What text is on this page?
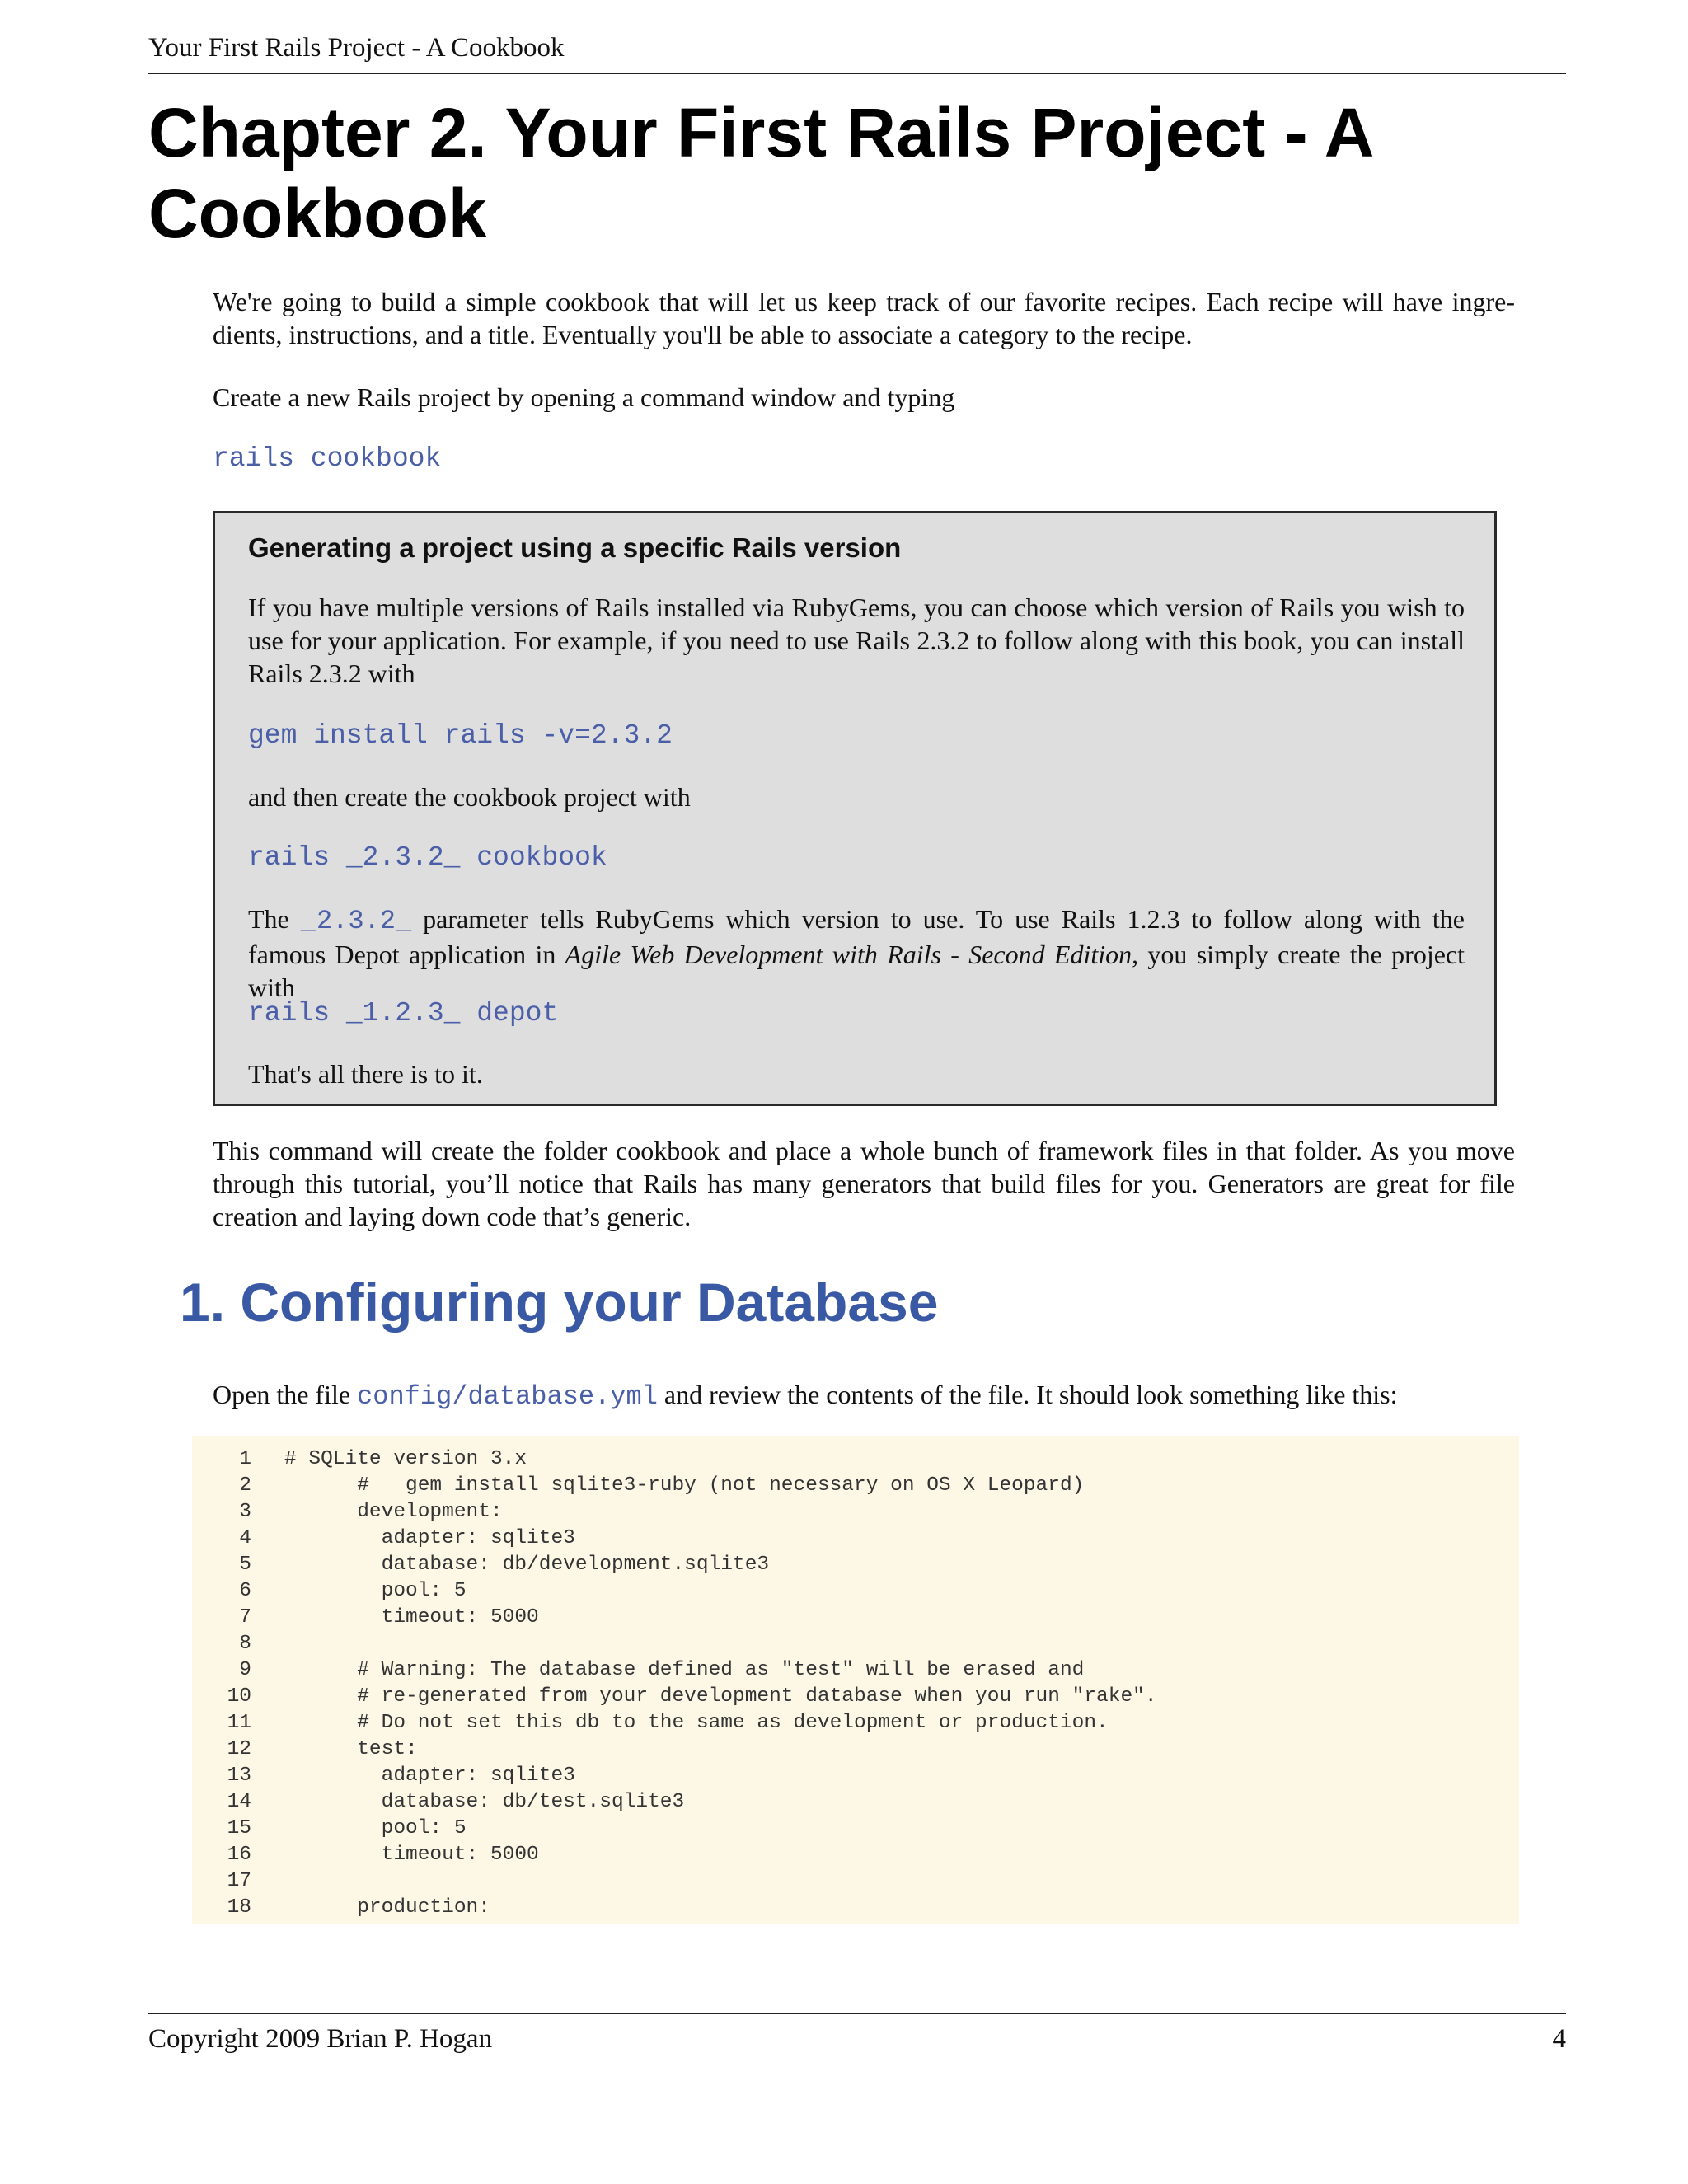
Your First Rails Project - A Cookbook
Chapter 2. Your First Rails Project - A Cookbook

We're going to build a simple cookbook that will let us keep track of our favorite recipes. Each recipe will have ingre- dients, instructions, and a title. Eventually you'll be able to associate a category to the recipe.

Create a new Rails project by opening a command window and typing

rails cookbook

Generating a project using a specific Rails version

If you have multiple versions of Rails installed via RubyGems, you can choose which version of Rails you wish to use for your application. For example, if you need to use Rails 2.3.2 to follow along with this book, you can install Rails 2.3.2 with

gem install rails -v=2.3.2

and then create the cookbook project with

rails _2.3.2_ cookbook

The _2.3.2_ parameter tells RubyGems which version to use. To use Rails 1.2.3 to follow along with the famous Depot application in Agile Web Development with Rails - Second Edition, you simply create the project with

rails _1.2.3_ depot

That's all there is to it.

This command will create the folder cookbook and place a whole bunch of framework files in that folder. As you move through this tutorial, you’ll notice that Rails has many generators that build files for you. Generators are great for file creation and laying down code that’s generic.

1. Configuring your Database

Open the file config/database.yml and review the contents of the file. It should look something like this:

1 # SQLite version 3.x
2      #   gem install sqlite3-ruby (not necessary on OS X Leopard)
3      development:
4        adapter: sqlite3
5        database: db/development.sqlite3
6        pool: 5
7        timeout: 5000
8
9      # Warning: The database defined as "test" will be erased and
10      # re-generated from your development database when you run "rake".
11      # Do not set this db to the same as development or production.
12      test:
13        adapter: sqlite3
14        database: db/test.sqlite3
15        pool: 5
16        timeout: 5000
17
18      production:
Copyright 2009 Brian P. Hogan	4
